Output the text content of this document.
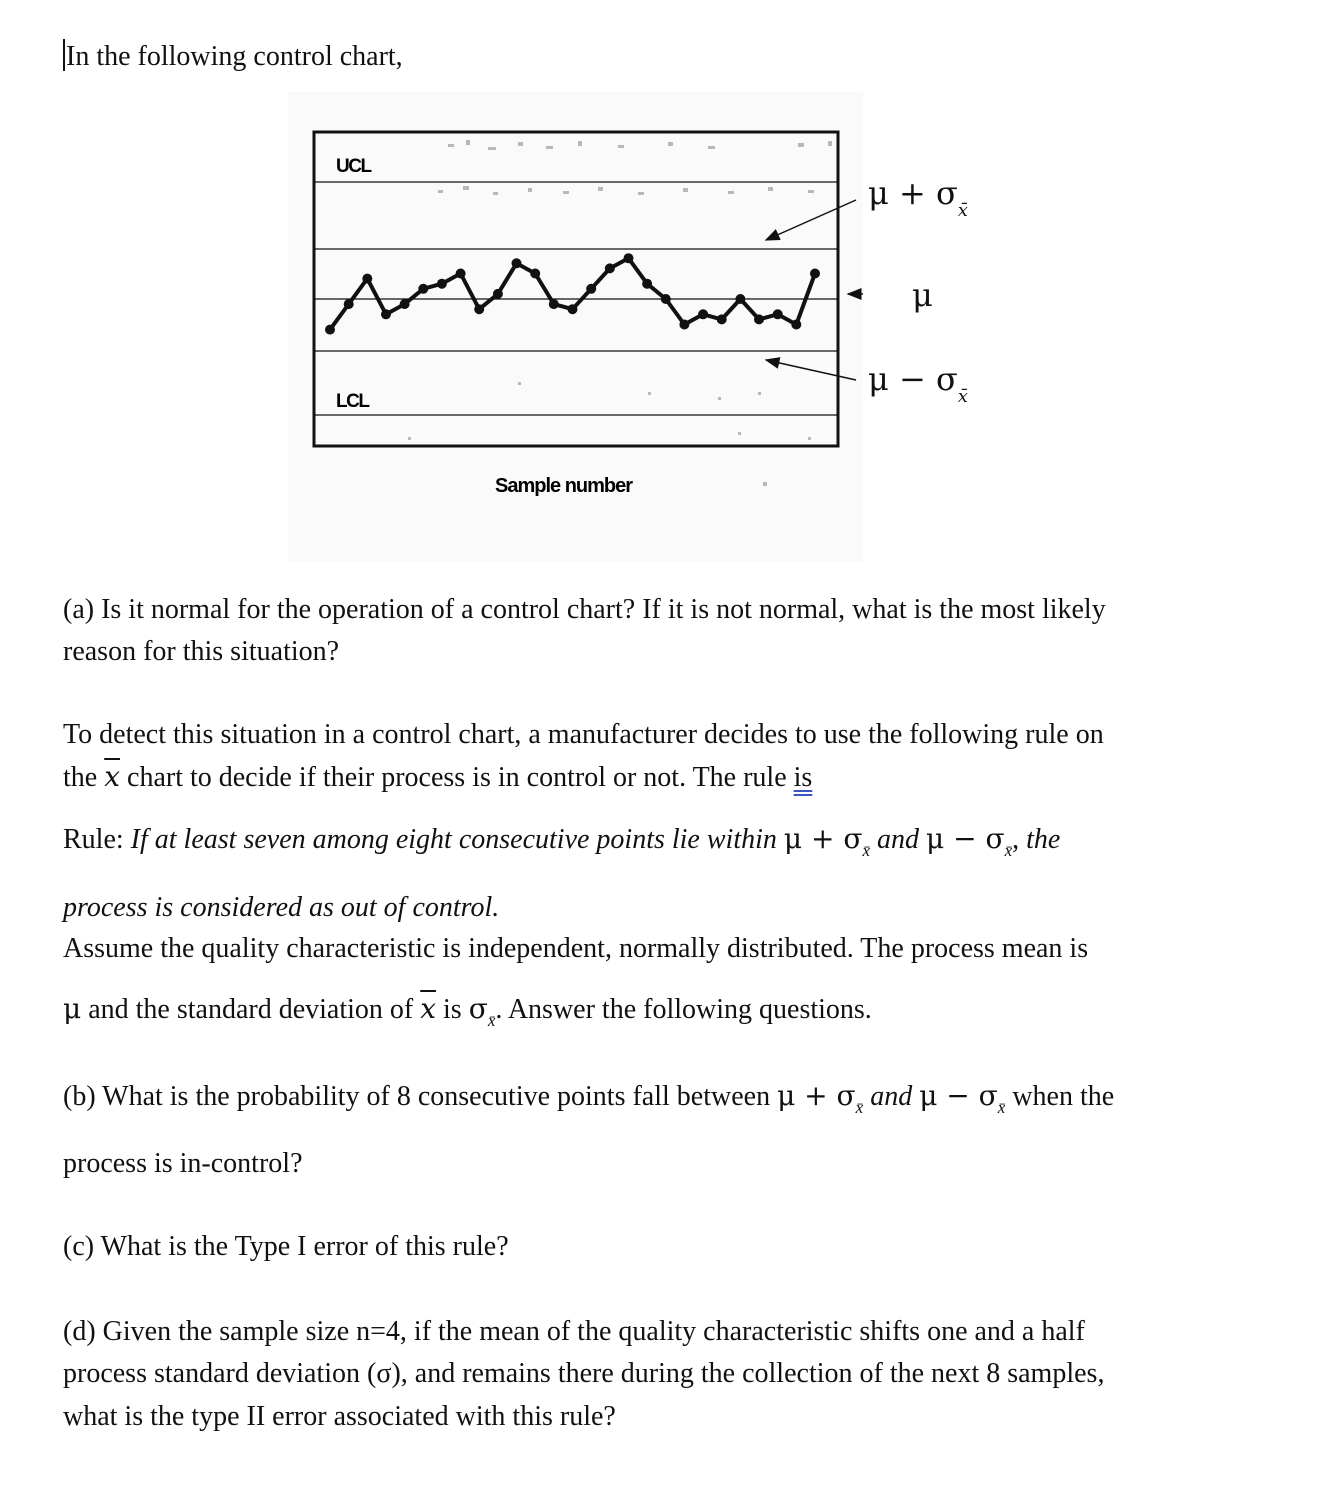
In the following control chart,

UCL
LCL
Sample number
$\mu + \sigma_{x̄}$
μ
$\mu - \sigma_{x̄}$

(a) Is it normal for the operation of a control chart? If it is not normal, what is the most likely

reason for this situation?

To detect this situation in a control chart, a manufacturer decides to use the following rule on

the $\overline{x}$ chart to decide if their process is in control or not. The rule is

Rule: If at least seven among eight consecutive points lie within $\mu + \sigma_{x̄}$ and $\mu - \sigma_{x̄}$, the

process is considered as out of control.

Assume the quality characteristic is independent, normally distributed. The process mean is

μ and the standard deviation of $\overline{x}$ is $\sigma_{x̄}$. Answer the following questions.

(b) What is the probability of 8 consecutive points fall between $\mu + \sigma_{x̄}$ and $\mu - \sigma_{x̄}$ when the

process is in-control?

(c) What is the Type I error of this rule?

(d) Given the sample size n=4, if the mean of the quality characteristic shifts one and a half

process standard deviation (σ), and remains there during the collection of the next 8 samples,

what is the type II error associated with this rule?
